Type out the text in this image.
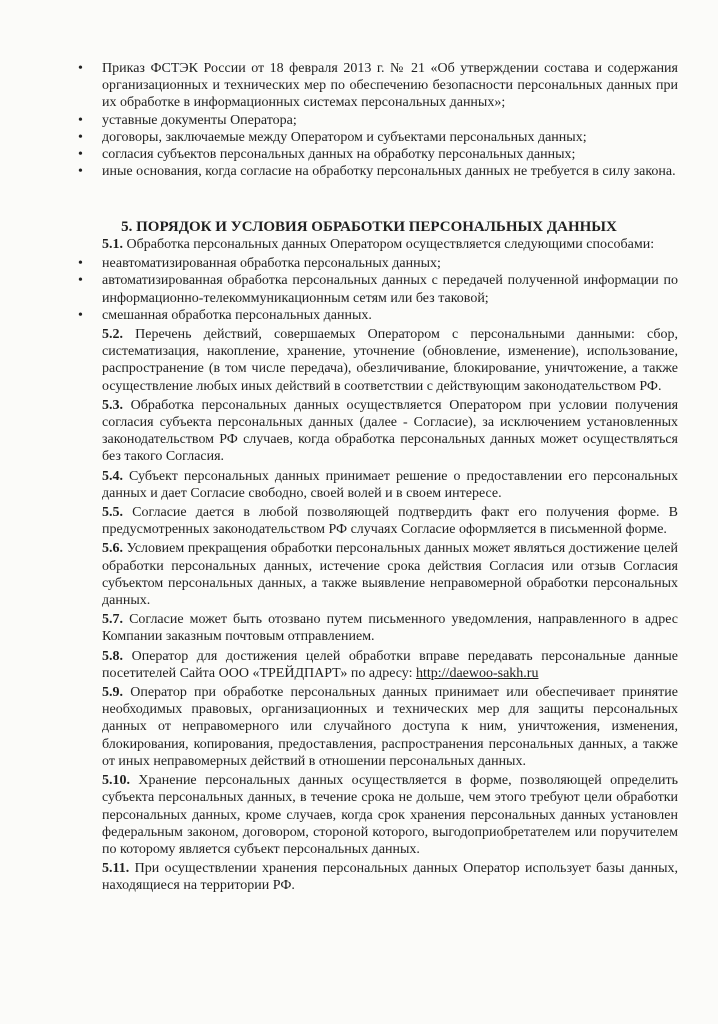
• Приказ ФСТЭК России от 18 февраля 2013 г. № 21 «Об утверждении состава и содержания организационных и технических мер по обеспечению безопасности персональных данных при их обработке в информационных системах персональных данных»;
• уставные документы Оператора;
• договоры, заключаемые между Оператором и субъектами персональных данных;
• согласия субъектов персональных данных на обработку персональных данных;
• иные основания, когда согласие на обработку персональных данных не требуется в силу закона.
5. ПОРЯДОК И УСЛОВИЯ ОБРАБОТКИ ПЕРСОНАЛЬНЫХ ДАННЫХ
5.1. Обработка персональных данных Оператором осуществляется следующими способами:
• неавтоматизированная обработка персональных данных;
• автоматизированная обработка персональных данных с передачей полученной информации по информационно-телекоммуникационным сетям или без таковой;
• смешанная обработка персональных данных.
5.2. Перечень действий, совершаемых Оператором с персональными данными: сбор, систематизация, накопление, хранение, уточнение (обновление, изменение), использование, распространение (в том числе передача), обезличивание, блокирование, уничтожение, а также осуществление любых иных действий в соответствии с действующим законодательством РФ.
5.3. Обработка персональных данных осуществляется Оператором при условии получения согласия субъекта персональных данных (далее - Согласие), за исключением установленных законодательством РФ случаев, когда обработка персональных данных может осуществляться без такого Согласия.
5.4. Субъект персональных данных принимает решение о предоставлении его персональных данных и дает Согласие свободно, своей волей и в своем интересе.
5.5. Согласие дается в любой позволяющей подтвердить факт его получения форме. В предусмотренных законодательством РФ случаях Согласие оформляется в письменной форме.
5.6. Условием прекращения обработки персональных данных может являться достижение целей обработки персональных данных, истечение срока действия Согласия или отзыв Согласия субъектом персональных данных, а также выявление неправомерной обработки персональных данных.
5.7. Согласие может быть отозвано путем письменного уведомления, направленного в адрес Компании заказным почтовым отправлением.
5.8. Оператор для достижения целей обработки вправе передавать персональные данные посетителей Сайта ООО «ТРЕЙДПАРТ» по адресу: http://daewoo-sakh.ru
5.9. Оператор при обработке персональных данных принимает или обеспечивает принятие необходимых правовых, организационных и технических мер для защиты персональных данных от неправомерного или случайного доступа к ним, уничтожения, изменения, блокирования, копирования, предоставления, распространения персональных данных, а также от иных неправомерных действий в отношении персональных данных.
5.10. Хранение персональных данных осуществляется в форме, позволяющей определить субъекта персональных данных, в течение срока не дольше, чем этого требуют цели обработки персональных данных, кроме случаев, когда срок хранения персональных данных установлен федеральным законом, договором, стороной которого, выгодоприобретателем или поручителем по которому является субъект персональных данных.
5.11. При осуществлении хранения персональных данных Оператор использует базы данных, находящиеся на территории РФ.
